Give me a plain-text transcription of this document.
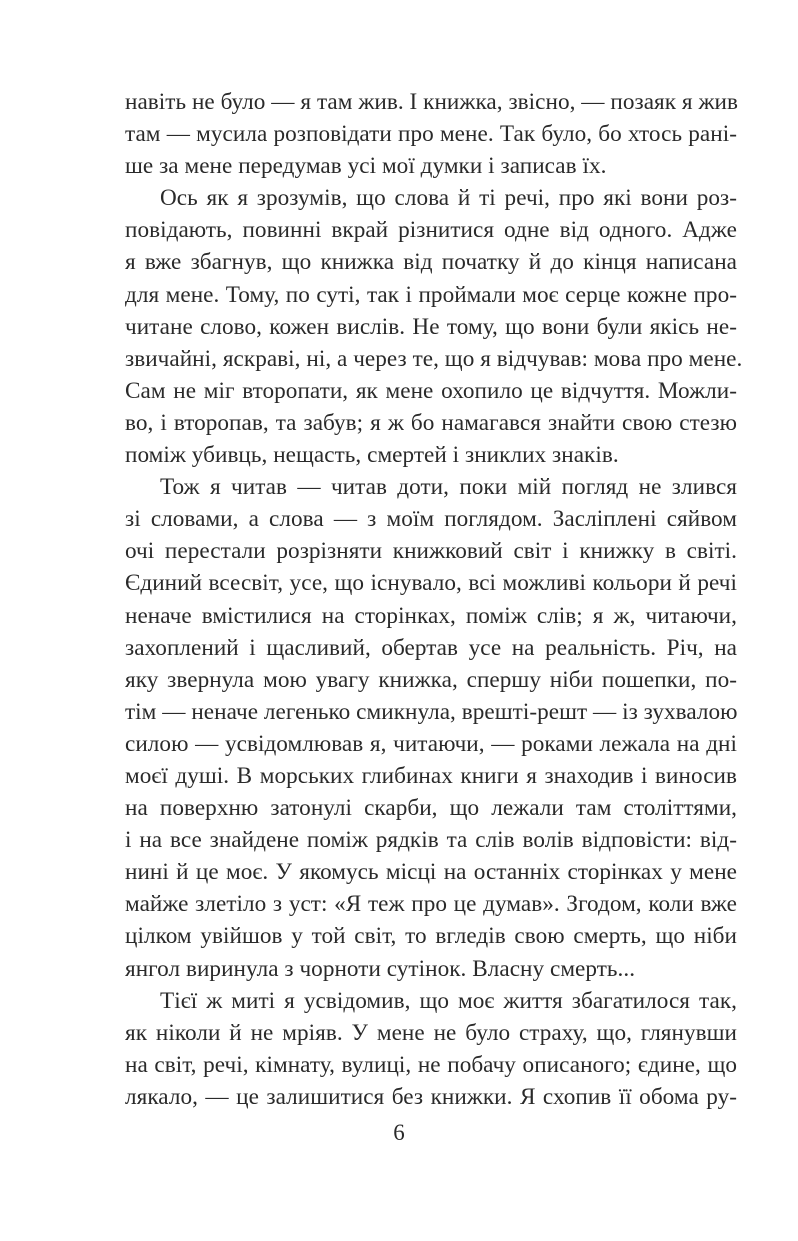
навіть не було — я там жив. І книжка, звісно, — позаяк я жив
там — мусила розповідати про мене. Так було, бо хтось рані-
ше за мене передумав усі мої думки і записав їх.
Ось як я зрозумів, що слова й ті речі, про які вони роз-
повідають, повинні вкрай різнитися одне від одного. Адже
я вже збагнув, що книжка від початку й до кінця написана
для мене. Тому, по суті, так і проймали моє серце кожне про-
читане слово, кожен вислів. Не тому, що вони були якісь не-
звичайні, яскраві, ні, а через те, що я відчував: мова про мене.
Сам не міг второпати, як мене охопило це відчуття. Можли-
во, і второпав, та забув; я ж бо намагався знайти свою стезю
поміж убивць, нещасть, смертей і зниклих знаків.
Тож я читав — читав доти, поки мій погляд не злився
зі словами, а слова — з моїм поглядом. Засліплені сяйвом
очі перестали розрізняти книжковий світ і книжку в світі.
Єдиний всесвіт, усе, що існувало, всі можливі кольори й речі
неначе вмістилися на сторінках, поміж слів; я ж, читаючи,
захоплений і щасливий, обертав усе на реальність. Річ, на
яку звернула мою увагу книжка, спершу ніби пошепки, по-
тім — неначе легенько смикнула, врешті-решт — із зухвалою
силою — усвідомлював я, читаючи, — роками лежала на дні
моєї душі. В морських глибинах книги я знаходив і виносив
на поверхню затонулі скарби, що лежали там століттями,
і на все знайдене поміж рядків та слів волів відповісти: від-
нині й це моє. У якомусь місці на останніх сторінках у мене
майже злетіло з уст: «Я теж про це думав». Згодом, коли вже
цілком увійшов у той світ, то вгледів свою смерть, що ніби
янгол виринула з чорноти сутінок. Власну смерть...
Тієї ж миті я усвідомив, що моє життя збагатилося так,
як ніколи й не мріяв. У мене не було страху, що, глянувши
на світ, речі, кімнату, вулиці, не побачу описаного; єдине, що
лякало, — це залишитися без книжки. Я схопив її обома ру-
6
